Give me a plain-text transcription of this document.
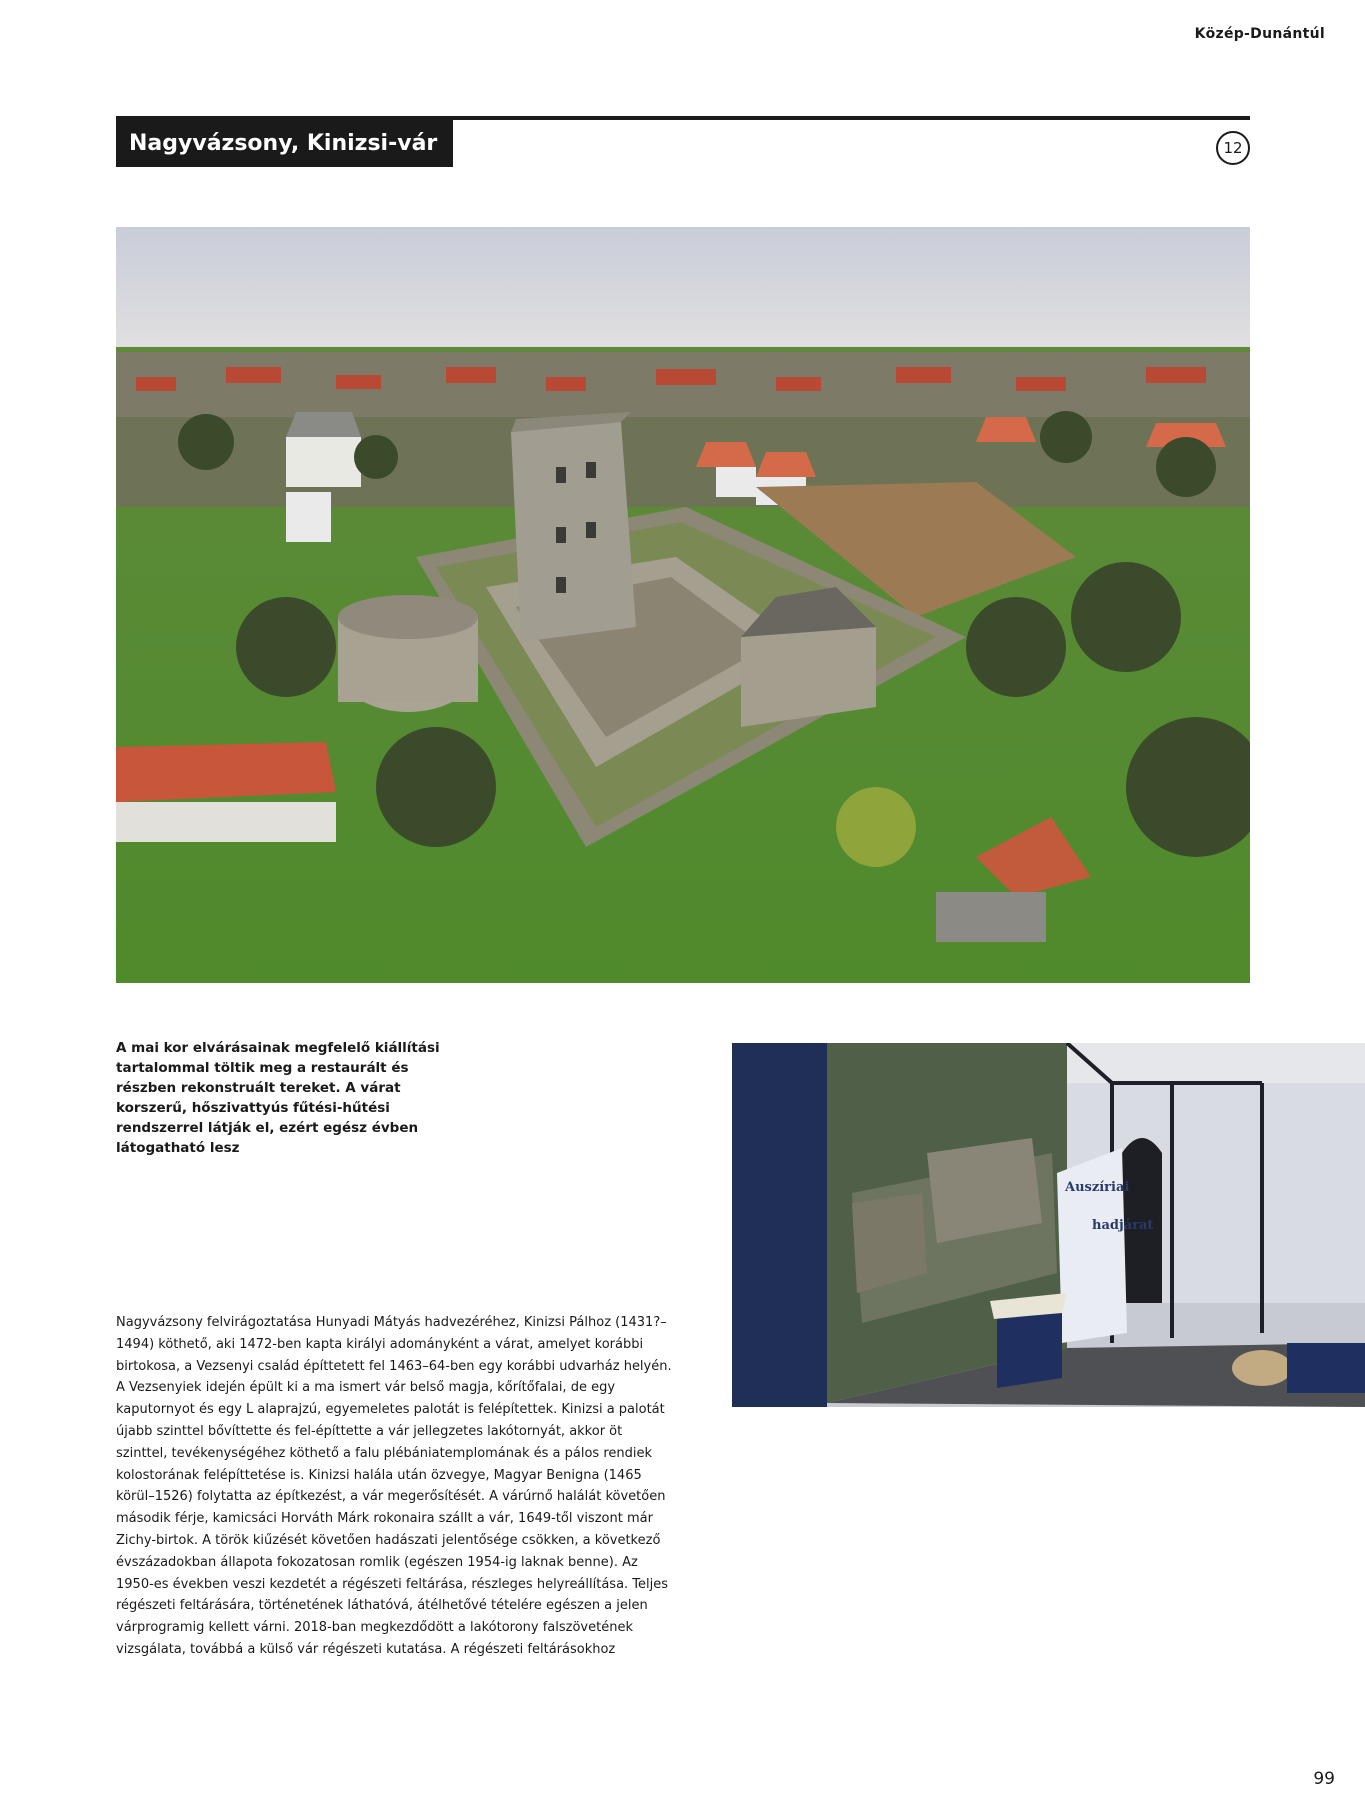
Közép-Dunántúl
Nagyvázsony, Kinizsi-vár	12
A mai kor elvárásainak megfelelő kiállítási tartalommal töltik meg a restaurált és részben rekonstruált tereket. A várat korszerű, hőszivattyús fűtési-hűtési rendszerrel látják el, ezért egész évben látogatható lesz
Auszíriai
hadjárat
Nagyvázsony felvirágoztatása Hunyadi Mátyás hadvezéréhez, Kinizsi Pálhoz (1431?–1494) köthető, aki 1472-ben kapta királyi adományként a várat, amelyet korábbi birtokosa, a Vezsenyi család építtetett fel 1463–64-ben egy korábbi udvarház helyén. A Vezsenyiek idején épült ki a ma ismert vár belső magja, kőrítőfalai, de egy kaputornyot és egy L alaprajzú, egyemeletes palotát is felépítettek. Kinizsi a palotát újabb szinttel bővíttette és fel-építtette a vár jellegzetes lakótornyát, akkor öt szinttel, tevékenységéhez köthető a falu plébániatemplomának és a pálos rendiek kolostorának felépíttetése is. Kinizsi halála után özvegye, Magyar Benigna (1465 körül–1526) folytatta az építkezést, a vár megerősítését. A várúrnő halálát követően második férje, kamicsáci Horváth Márk rokonaira szállt a vár, 1649-től viszont már Zichy-birtok. A török kiűzését követően hadászati jelentősége csökken, a következő évszázadokban állapota fokozatosan romlik (egészen 1954-ig laknak benne). Az 1950-es években veszi kezdetét a régészeti feltárása, részleges helyreállítása. Teljes régészeti feltárására, történetének láthatóvá, átélhetővé tételére egészen a jelen várprogramig kellett várni. 2018-ban megkezdődött a lakótorony falszövetének vizsgálata, továbbá a külső vár régészeti kutatása. A régészeti feltárásokhoz
99
